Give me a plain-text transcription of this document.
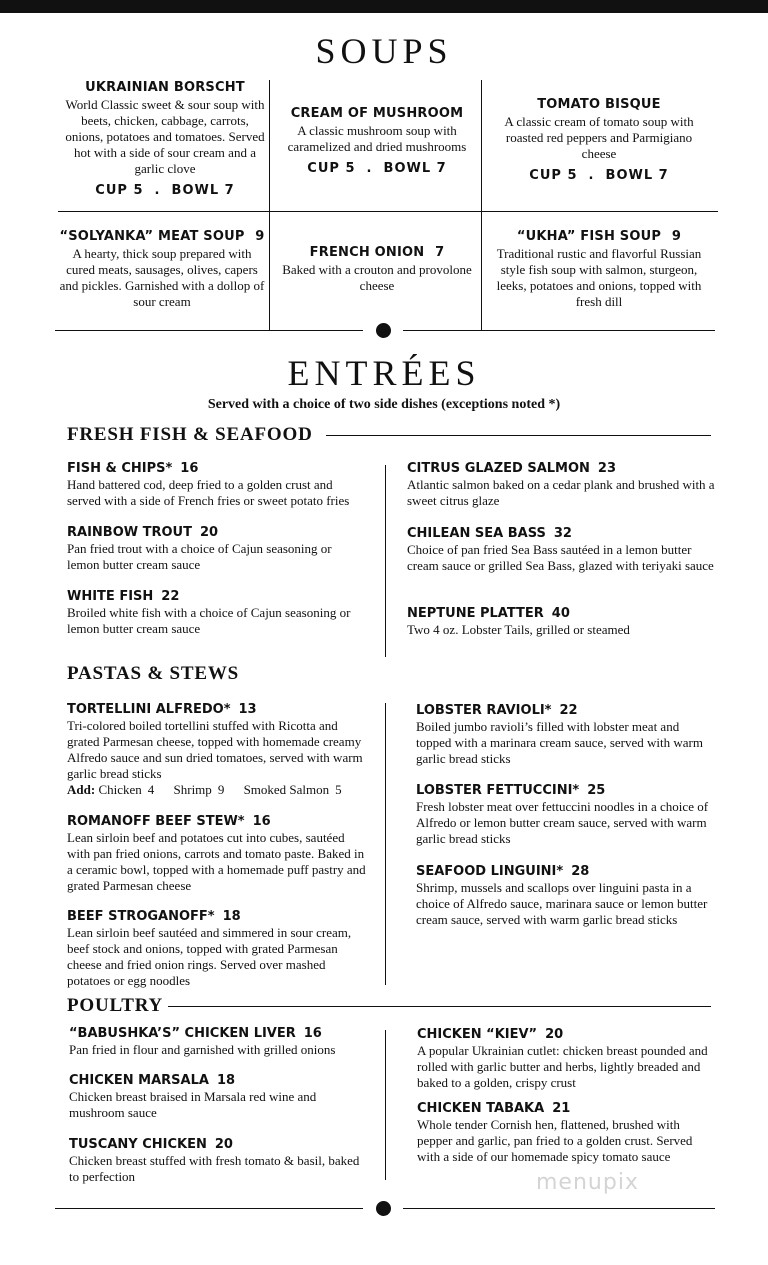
SOUPS
UKRAINIAN BORSCHT
World Classic sweet & sour soup with beets, chicken, cabbage, carrots, onions, potatoes and tomatoes. Served hot with a side of sour cream and a garlic clove
CUP 5  .  BOWL 7
CREAM OF MUSHROOM
A classic mushroom soup with caramelized and dried mushrooms
CUP 5  .  BOWL 7
TOMATO BISQUE
A classic cream of tomato soup with roasted red peppers and Parmigiano cheese
CUP 5  .  BOWL 7
“SOLYANKA” MEAT SOUP 9
A hearty, thick soup prepared with cured meats, sausages, olives, capers and pickles. Garnished with a dollop of sour cream
FRENCH ONION 7
Baked with a crouton and provolone cheese
“UKHA” FISH SOUP 9
Traditional rustic and flavorful Russian style fish soup with salmon, sturgeon, leeks, potatoes and onions, topped with fresh dill
ENTRÉES
Served with a choice of two side dishes (exceptions noted *)
FRESH FISH & SEAFOOD
FISH & CHIPS* 16
Hand battered cod, deep fried to a golden crust and served with a side of French fries or sweet potato fries
RAINBOW TROUT 20
Pan fried trout with a choice of Cajun seasoning or lemon butter cream sauce
WHITE FISH 22
Broiled white fish with a choice of Cajun seasoning or lemon butter cream sauce
CITRUS GLAZED SALMON 23
Atlantic salmon baked on a cedar plank and brushed with a sweet citrus glaze
CHILEAN SEA BASS 32
Choice of pan fried Sea Bass sautéed in a lemon butter cream sauce or grilled Sea Bass, glazed with teriyaki sauce
NEPTUNE PLATTER 40
Two 4 oz. Lobster Tails, grilled or steamed
PASTAS & STEWS
TORTELLINI ALFREDO* 13
Tri-colored boiled tortellini stuffed with Ricotta and grated Parmesan cheese, topped with homemade creamy Alfredo sauce and sun dried tomatoes, served with warm garlic bread sticks
Add: Chicken 4 Shrimp 9 Smoked Salmon 5
ROMANOFF BEEF STEW* 16
Lean sirloin beef and potatoes cut into cubes, sautéed with pan fried onions, carrots and tomato paste. Baked in a ceramic bowl, topped with a homemade puff pastry and grated Parmesan cheese
BEEF STROGANOFF* 18
Lean sirloin beef sautéed and simmered in sour cream, beef stock and onions, topped with grated Parmesan cheese and fried onion rings. Served over mashed potatoes or egg noodles
LOBSTER RAVIOLI* 22
Boiled jumbo ravioli’s filled with lobster meat and topped with a marinara cream sauce, served with warm garlic bread sticks
LOBSTER FETTUCCINI* 25
Fresh lobster meat over fettuccini noodles in a choice of Alfredo or lemon butter cream sauce, served with warm garlic bread sticks
SEAFOOD LINGUINI* 28
Shrimp, mussels and scallops over linguini pasta in a choice of Alfredo sauce, marinara sauce or lemon butter cream sauce, served with warm garlic bread sticks
POULTRY
“BABUSHKA’S” CHICKEN LIVER 16
Pan fried in flour and garnished with grilled onions
CHICKEN MARSALA 18
Chicken breast braised in Marsala red wine and mushroom sauce
TUSCANY CHICKEN 20
Chicken breast stuffed with fresh tomato & basil, baked to perfection
CHICKEN “KIEV” 20
A popular Ukrainian cutlet: chicken breast pounded and rolled with garlic butter and herbs, lightly breaded and baked to a golden, crispy crust
CHICKEN TABAKA 21
Whole tender Cornish hen, flattened, brushed with pepper and garlic, pan fried to a golden crust. Served with a side of our homemade spicy tomato sauce
menupix
